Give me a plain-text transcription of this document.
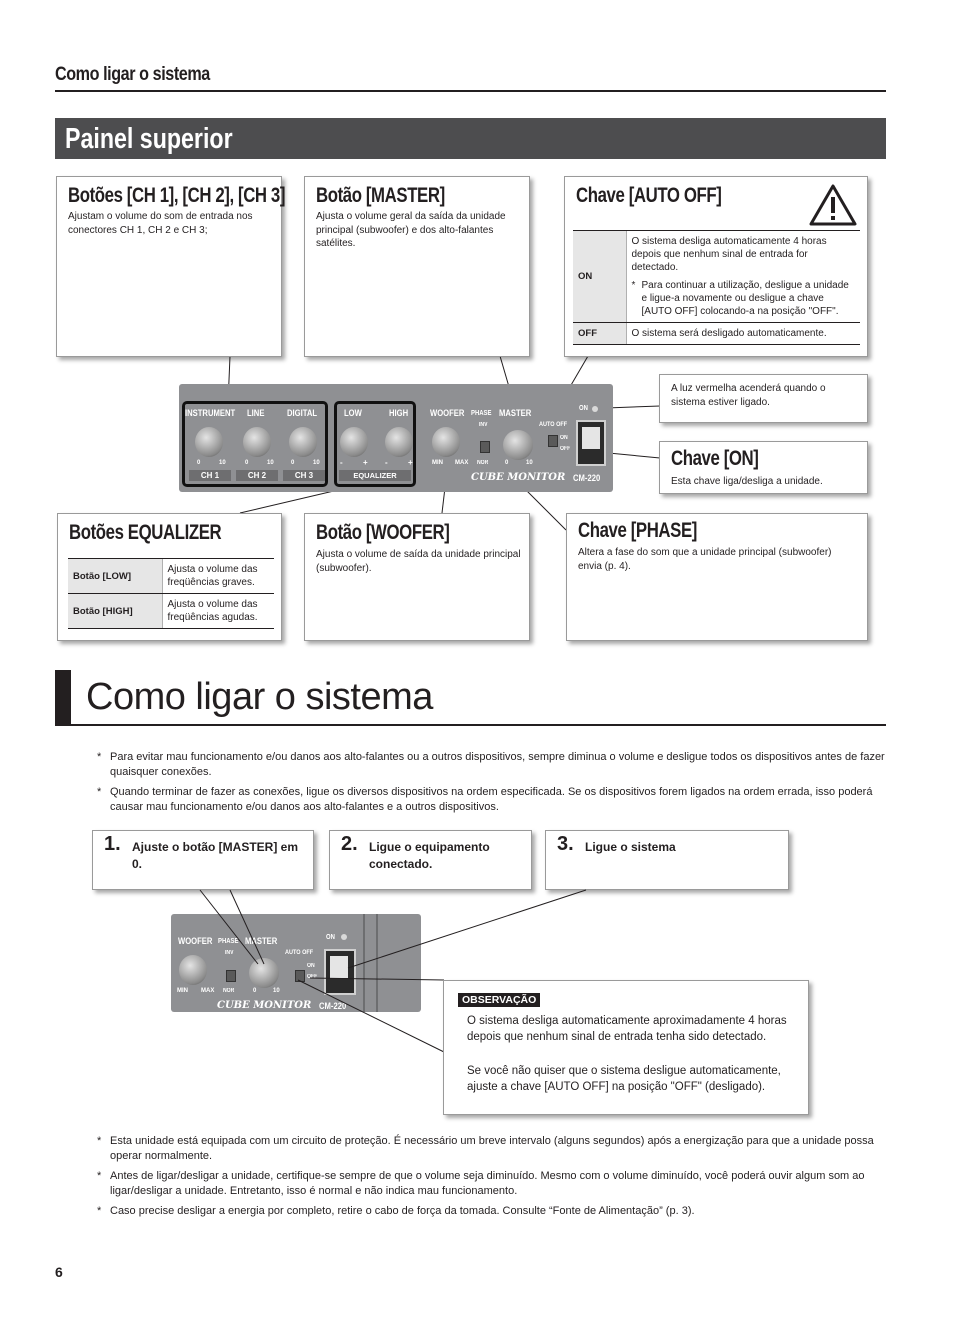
Como ligar o sistema
Painel superior
Botões [CH 1], [CH 2], [CH 3]

Ajustam o volume do som de entrada nos conectores CH 1, CH 2 e CH 3;

Botão [MASTER]

Ajusta o volume geral da saída da unidade principal (subwoofer) e dos alto-falantes satélites.

Chave [AUTO OFF]
ON	O sistema desliga automaticamente 4 horas depois que nenhum sinal de entrada for detectado.
* Para continuar a utilização, desligue a unidade e ligue-a novamente ou desligue a chave [AUTO OFF] colocando-a na posição "OFF".

OFF	O sistema será desligado automaticamente.
INSTRUMENT LINE	DIGITAL	LOW	HIGH WOOFER PHASE MASTER	ON
AUTO OFF
INV
NOR
ON
OFF
0	10	0	10	0	10	-	+ -	+	MIN MAX	0	10
CH 1	CH 2	CH 3	EQUALIZER	CUBE MONITOR CM-220

A luz vermelha acenderá quando o sistema estiver ligado.

Chave [ON]

Esta chave liga/desliga a unidade.

Botões EQUALIZER
Botão [LOW]	Ajusta o volume das freqüências graves.
Botão [HIGH]	Ajusta o volume das freqüências agudas.
Botão [WOOFER]

Ajusta o volume de saída da unidade principal (subwoofer).

Chave [PHASE]

Altera a fase do som que a unidade principal (subwoofer) envia (p. 4).

Como ligar o sistema
* Para evitar mau funcionamento e/ou danos aos alto-falantes ou a outros dispositivos, sempre diminua o volume e desligue todos os dispositivos antes de fazer quaisquer conexões.
* Quando terminar de fazer as conexões, ligue os diversos dispositivos na ordem especificada. Se os dispositivos forem ligados na ordem errada, isso poderá causar mau funcionamento e/ou danos aos alto-falantes e a outros dispositivos.
1. Ajuste o botão [MASTER] em 0.
2. Ligue o equipamento conectado.
3. Ligue o sistema
WOOFER PHASE MASTER	ON
AUTO OFF
INV
NOR
ON
OFF
MIN MAX	0	10
CUBE MONITOR CM-220	OBSERVAÇÃO

O sistema desliga automaticamente aproximadamente 4 horas depois que nenhum sinal de entrada tenha sido detectado.

Se você não quiser que o sistema desligue automaticamente, ajuste a chave [AUTO OFF] na posição "OFF" (desligado).

* Esta unidade está equipada com um circuito de proteção. É necessário um breve intervalo (alguns segundos) após a energização para que a unidade possa operar normalmente.
* Antes de ligar/desligar a unidade, certifique-se sempre de que o volume seja diminuído. Mesmo com o volume diminuído, você poderá ouvir algum som ao ligar/desligar a unidade. Entretanto, isso é normal e não indica mau funcionamento.
* Caso precise desligar a energia por completo, retire o cabo de força da tomada. Consulte “Fonte de Alimentação” (p. 3).
6
